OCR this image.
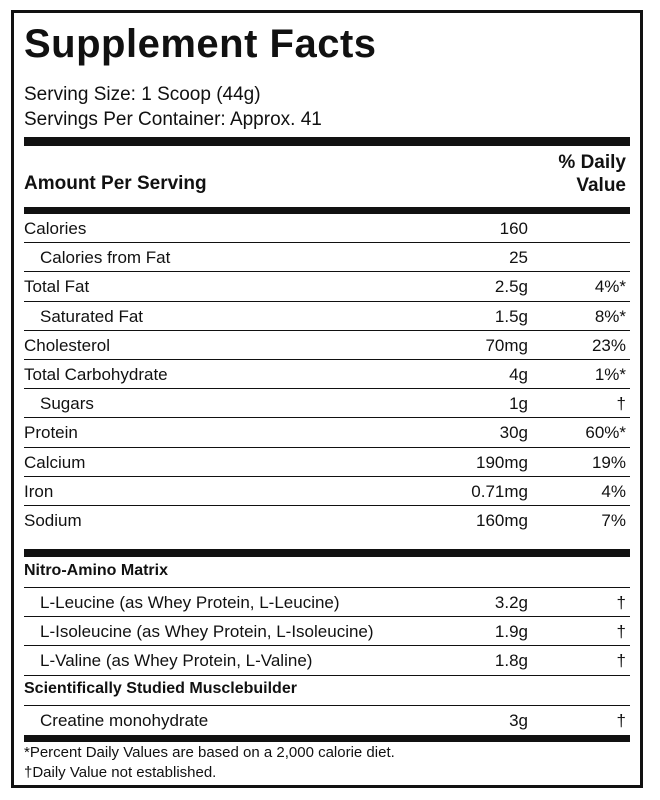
Supplement Facts
Serving Size: 1 Scoop (44g)
Servings Per Container: Approx. 41
Amount Per Serving
% Daily
Value
Calories	160
Calories from Fat	25
Total Fat	2.5g	4%*
Saturated Fat	1.5g	8%*
Cholesterol	70mg	23%
Total Carbohydrate	4g	1%*
Sugars	1g	†
Protein	30g	60%*
Calcium	190mg	19%
Iron	0.71mg	4%
Sodium	160mg	7%
Nitro-Amino Matrix
L-Leucine (as Whey Protein, L-Leucine)	3.2g	†
L-Isoleucine (as Whey Protein, L-Isoleucine)	1.9g	†
L-Valine (as Whey Protein, L-Valine)	1.8g	†
Scientifically Studied Musclebuilder
Creatine monohydrate	3g	†
*Percent Daily Values are based on a 2,000 calorie diet.
†Daily Value not established.
